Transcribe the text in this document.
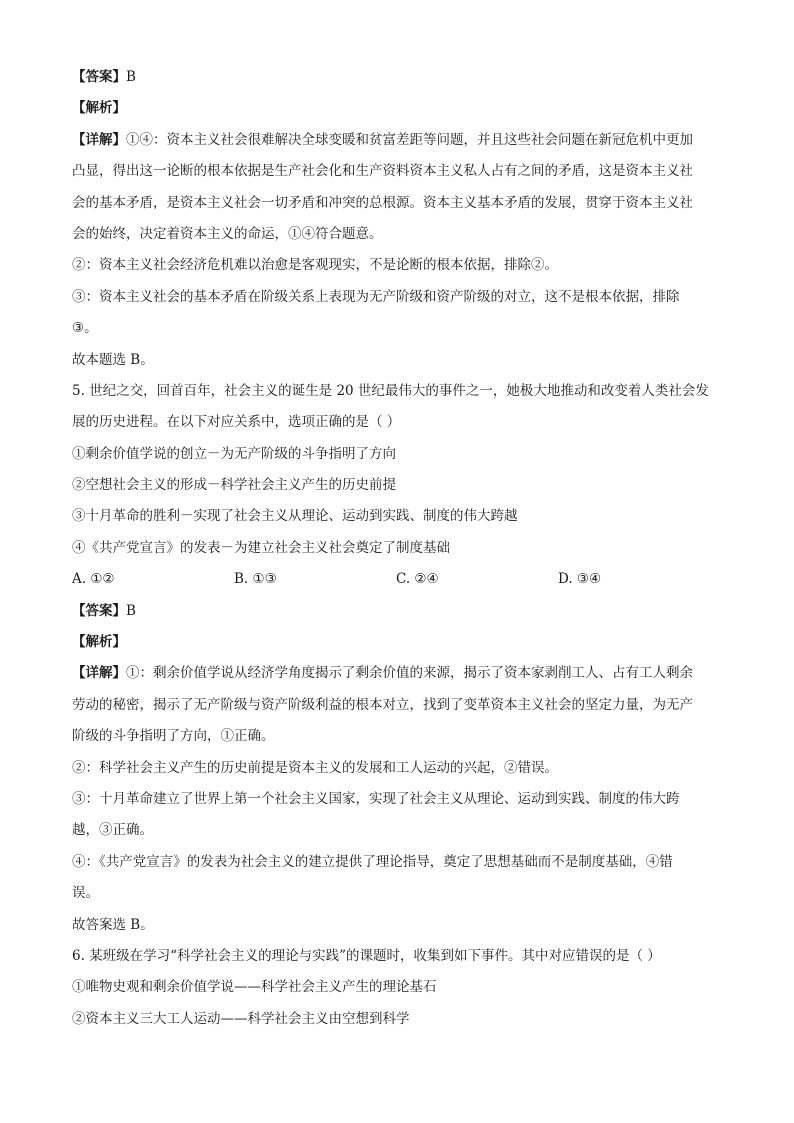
【答案】B
【解析】
【详解】①④：资本主义社会很难解决全球变暖和贫富差距等问题，并且这些社会问题在新冠危机中更加
凸显，得出这一论断的根本依据是生产社会化和生产资料资本主义私人占有之间的矛盾，这是资本主义社
会的基本矛盾，是资本主义社会一切矛盾和冲突的总根源。资本主义基本矛盾的发展，贯穿于资本主义社
会的始终，决定着资本主义的命运，①④符合题意。
②：资本主义社会经济危机难以治愈是客观现实，不是论断的根本依据，排除②。
③：资本主义社会的基本矛盾在阶级关系上表现为无产阶级和资产阶级的对立，这不是根本依据，排除
③。
故本题选 B。
5. 世纪之交，回首百年，社会主义的诞生是 20 世纪最伟大的事件之一，她极大地推动和改变着人类社会发
展的历史进程。在以下对应关系中，选项正确的是（ ）
①剩余价值学说的创立－为无产阶级的斗争指明了方向
②空想社会主义的形成－科学社会主义产生的历史前提
③十月革命的胜利－实现了社会主义从理论、运动到实践、制度的伟大跨越
④《共产党宣言》的发表－为建立社会主义社会奠定了制度基础
A. ①②	B. ①③	C. ②④	D. ③④
【答案】B
【解析】
【详解】①：剩余价值学说从经济学角度揭示了剩余价值的来源，揭示了资本家剥削工人、占有工人剩余
劳动的秘密，揭示了无产阶级与资产阶级利益的根本对立，找到了变革资本主义社会的坚定力量，为无产
阶级的斗争指明了方向，①正确。
②：科学社会主义产生的历史前提是资本主义的发展和工人运动的兴起，②错误。
③：十月革命建立了世界上第一个社会主义国家，实现了社会主义从理论、运动到实践、制度的伟大跨
越，③正确。
④：《共产党宣言》的发表为社会主义的建立提供了理论指导，奠定了思想基础而不是制度基础，④错
误。
故答案选 B。
6. 某班级在学习“科学社会主义的理论与实践”的课题时，收集到如下事件。其中对应错误的是（ ）
①唯物史观和剩余价值学说——科学社会主义产生的理论基石
②资本主义三大工人运动——科学社会主义由空想到科学
